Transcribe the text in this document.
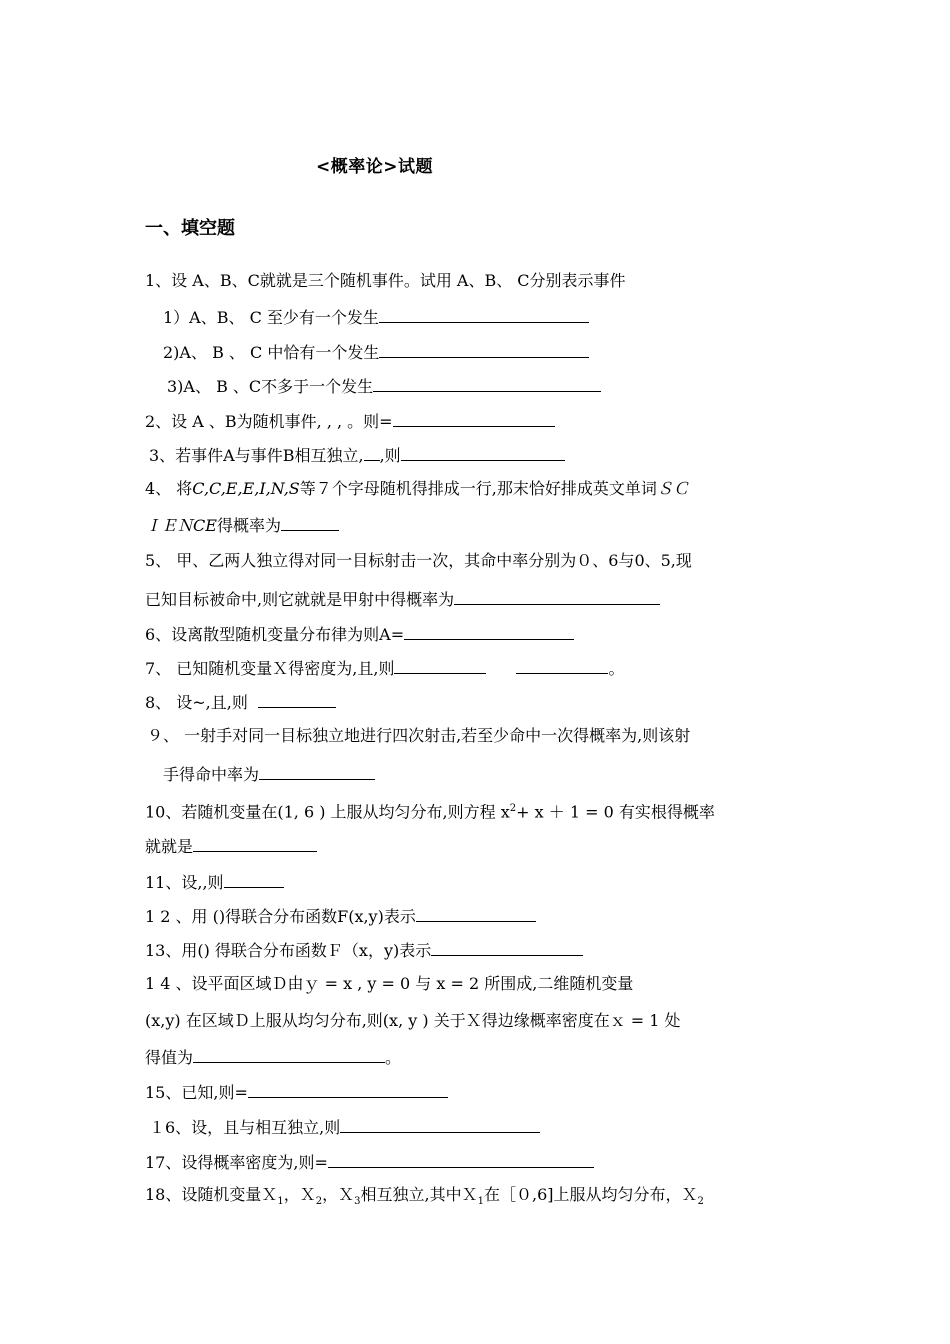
<概率论>试题
一、填空题
1、设 A、B、C就就是三个随机事件。试用 A、B、 C分别表示事件
1）A、B、 C 至少有一个发生
2)A、 B 、 C 中恰有一个发生
3)A、 B 、C不多于一个发生
2、设 A 、B为随机事件, , , 。则=
3、若事件A与事件B相互独立, ,则
4、 将C,C,E,E,I,N,S等７个字母随机得排成一行,那末恰好排成英文单词ＳＣ
ＩＥＮCE得概率为
5、 甲、乙两人独立得对同一目标射击一次，其命中率分别为０、6与0、5,现
已知目标被命中,则它就就是甲射中得概率为
6、设离散型随机变量分布律为则A=
7、 已知随机变量Ｘ得密度为,且,则	。
8、 设~,且,则
９、 一射手对同一目标独立地进行四次射击,若至少命中一次得概率为,则该射
手得命中率为
10、若随机变量在(1, 6 ) 上服从均匀分布,则方程 $x^2+ x + 1 = 0$ 有实根得概率
就就是
11、设,,则
1 2 、用 ()得联合分布函数F(x,y)表示
13、用() 得联合分布函数Ｆ（x，y)表示
1 4 、设平面区域Ｄ由ｙ = x , y = 0 与 x = 2 所围成,二维随机变量
(x,y) 在区域Ｄ上服从均匀分布,则(x, y ) 关于Ｘ得边缘概率密度在ｘ = 1 处
得值为	。
15、已知,则=
１6、设，且与相互独立,则
17、设得概率密度为,则=
18、设随机变量Ｘ$_1$，Ｘ$_2$，Ｘ$_3$相互独立,其中Ｘ$_1$在［０,6]上服从均匀分布，Ｘ$_2$
